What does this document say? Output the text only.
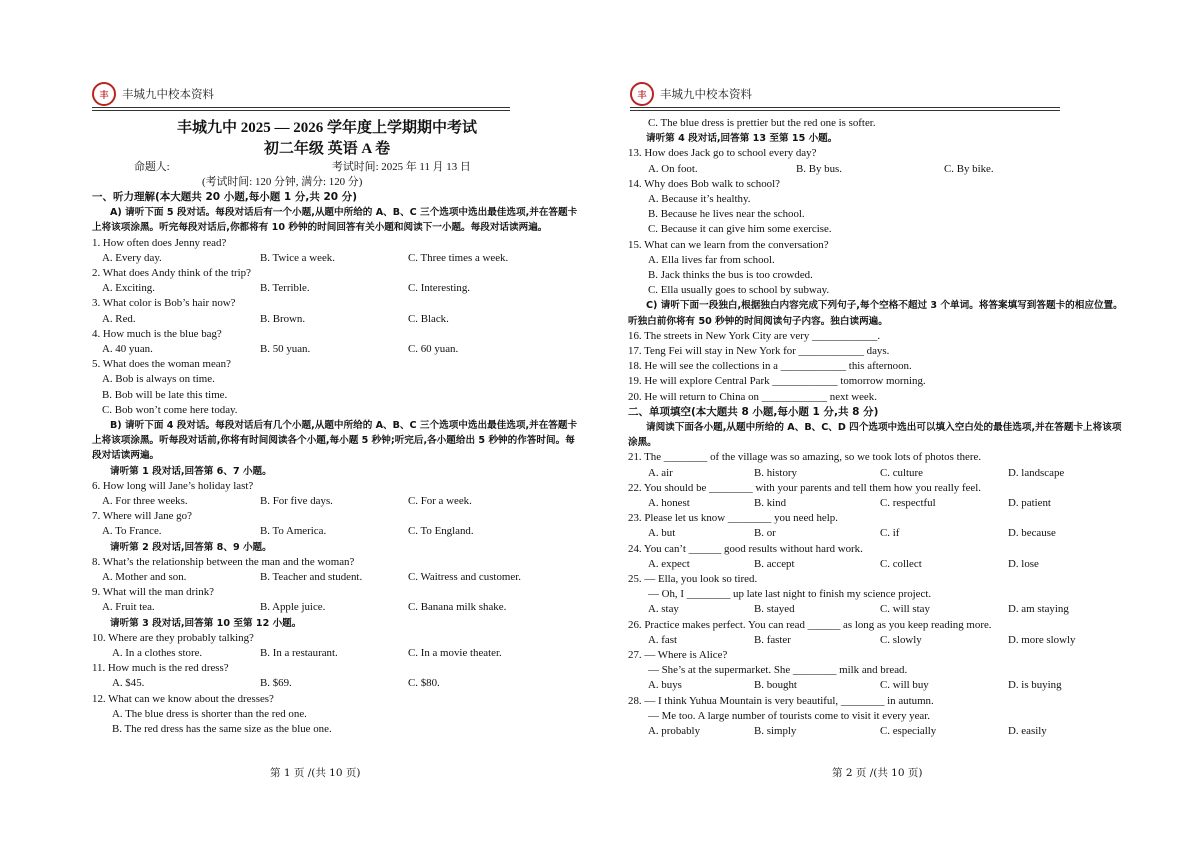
丰	丰城九中校本资料
丰城九中 2025 — 2026 学年度上学期期中考试
初二年级 英语 A 卷
命题人:	考试时间: 2025 年 11 月 13 日
(考试时间: 120 分钟, 满分: 120 分)
一、听力理解(本大题共 20 小题,每小题 1 分,共 20 分)
A) 请听下面 5 段对话。每段对话后有一个小题,从题中所给的 A、B、C 三个选项中选出最佳选项,并在答题卡上将该项涂黑。听完每段对话后,你都将有 10 秒钟的时间回答有关小题和阅读下一小题。每段对话读两遍。
1. How often does Jenny read?
A. Every day.	B. Twice a week.	C. Three times a week.
2. What does Andy think of the trip?
A. Exciting.	B. Terrible.	C. Interesting.
3. What color is Bob’s hair now?
A. Red.	B. Brown.	C. Black.
4. How much is the blue bag?
A. 40 yuan.	B. 50 yuan.	C. 60 yuan.
5. What does the woman mean?
A. Bob is always on time.
B. Bob will be late this time.
C. Bob won’t come here today.
B) 请听下面 4 段对话。每段对话后有几个小题,从题中所给的 A、B、C 三个选项中选出最佳选项,并在答题卡上将该项涂黑。听每段对话前,你将有时间阅读各个小题,每小题 5 秒钟;听完后,各小题给出 5 秒钟的作答时间。每段对话读两遍。
请听第 1 段对话,回答第 6、7 小题。
6. How long will Jane’s holiday last?
A. For three weeks.	B. For five days.	C. For a week.
7. Where will Jane go?
A. To France.	B. To America.	C. To England.
请听第 2 段对话,回答第 8、9 小题。
8. What’s the relationship between the man and the woman?
A. Mother and son.	B. Teacher and student.	C. Waitress and customer.
9. What will the man drink?
A. Fruit tea.	B. Apple juice.	C. Banana milk shake.
请听第 3 段对话,回答第 10 至第 12 小题。
10. Where are they probably talking?
A. In a clothes store.	B. In a restaurant.	C. In a movie theater.
11. How much is the red dress?
A. $45.	B. $69.	C. $80.
12. What can we know about the dresses?
A. The blue dress is shorter than the red one.
B. The red dress has the same size as the blue one.
第 1 页 /(共 10 页)
丰	丰城九中校本资料
C. The blue dress is prettier but the red one is softer.
请听第 4 段对话,回答第 13 至第 15 小题。
13. How does Jack go to school every day?
A. On foot.	B. By bus.	C. By bike.
14. Why does Bob walk to school?
A. Because it’s healthy.
B. Because he lives near the school.
C. Because it can give him some exercise.
15. What can we learn from the conversation?
A. Ella lives far from school.
B. Jack thinks the bus is too crowded.
C. Ella usually goes to school by subway.
C) 请听下面一段独白,根据独白内容完成下列句子,每个空格不超过 3 个单词。将答案填写到答题卡的相应位置。听独白前你将有 50 秒钟的时间阅读句子内容。独白读两遍。
16. The streets in New York City are very ____________.
17. Teng Fei will stay in New York for ____________ days.
18. He will see the collections in a ____________ this afternoon.
19. He will explore Central Park ____________ tomorrow morning.
20. He will return to China on ____________ next week.
二、单项填空(本大题共 8 小题,每小题 1 分,共 8 分)
请阅读下面各小题,从题中所给的 A、B、C、D 四个选项中选出可以填入空白处的最佳选项,并在答题卡上将该项涂黑。
21. The ________ of the village was so amazing, so we took lots of photos there.
A. air	B. history	C. culture	D. landscape
22. You should be ________ with your parents and tell them how you really feel.
A. honest	B. kind	C. respectful	D. patient
23. Please let us know ________ you need help.
A. but	B. or	C. if	D. because
24. You can’t ______ good results without hard work.
A. expect	B. accept	C. collect	D. lose
25. — Ella, you look so tired.
— Oh, I ________ up late last night to finish my science project.
A. stay	B. stayed	C. will stay	D. am staying
26. Practice makes perfect. You can read ______ as long as you keep reading more.
A. fast	B. faster	C. slowly	D. more slowly
27. — Where is Alice?
— She’s at the supermarket. She ________ milk and bread.
A. buys	B. bought	C. will buy	D. is buying
28. — I think Yuhua Mountain is very beautiful, ________ in autumn.
— Me too. A large number of tourists come to visit it every year.
A. probably	B. simply	C. especially	D. easily
第 2 页 /(共 10 页)
